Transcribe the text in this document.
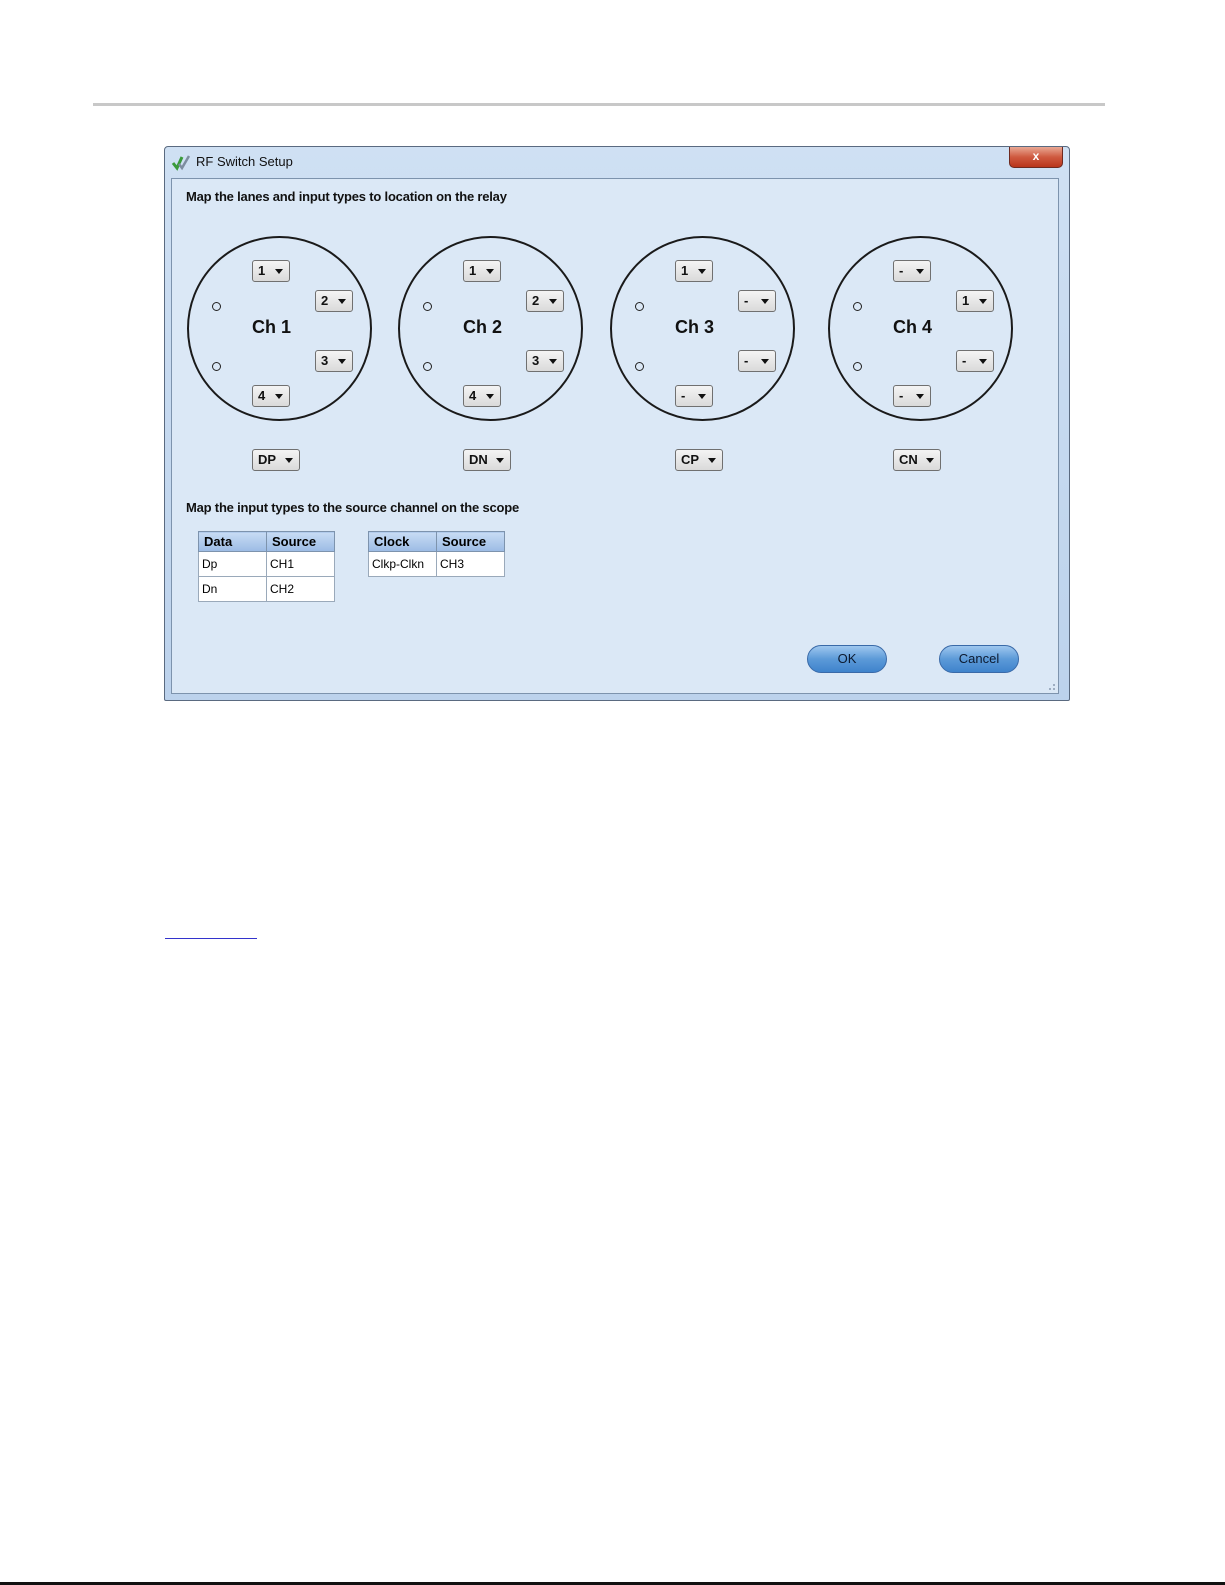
RF Switch Setup	x
Map the lanes and input types to location on the relay
Ch 1
1
2
3
4
DP
Ch 2
1
2
3
4
DN
Ch 3
1
-
-
-
CP
Ch 4
-
1
-
-
CN
Map the input types to the source channel on the scope
Data	Source
Dp	CH1
Dn	CH2
Clock	Source
Clkp-Clkn	CH3
OK	Cancel
